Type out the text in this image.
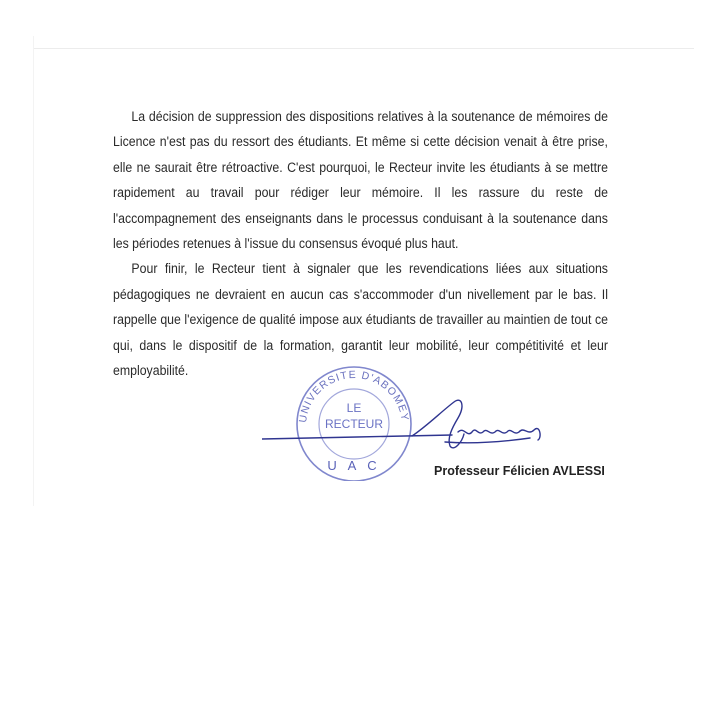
La décision de suppression des dispositions relatives à la soutenance de mémoires de Licence n'est pas du ressort des étudiants. Et même si cette décision venait à être prise, elle ne saurait être rétroactive. C'est pourquoi, le Recteur invite les étudiants à se mettre rapidement au travail pour rédiger leur mémoire. Il les rassure du reste de l'accompagnement des enseignants dans le processus conduisant à la soutenance dans les périodes retenues à l'issue du consensus évoqué plus haut.

Pour finir, le Recteur tient à signaler que les revendications liées aux situations pédagogiques ne devraient en aucun cas s'accommoder d'un nivellement par le bas. Il rappelle que l'exigence de qualité impose aux étudiants de travailler au maintien de tout ce qui, dans le dispositif de la formation, garantit leur mobilité, leur compétitivité et leur employabilité.

UNIVERSITE D'ABOMEY
LE
RECTEUR
U A C	Professeur Félicien AVLESSI
